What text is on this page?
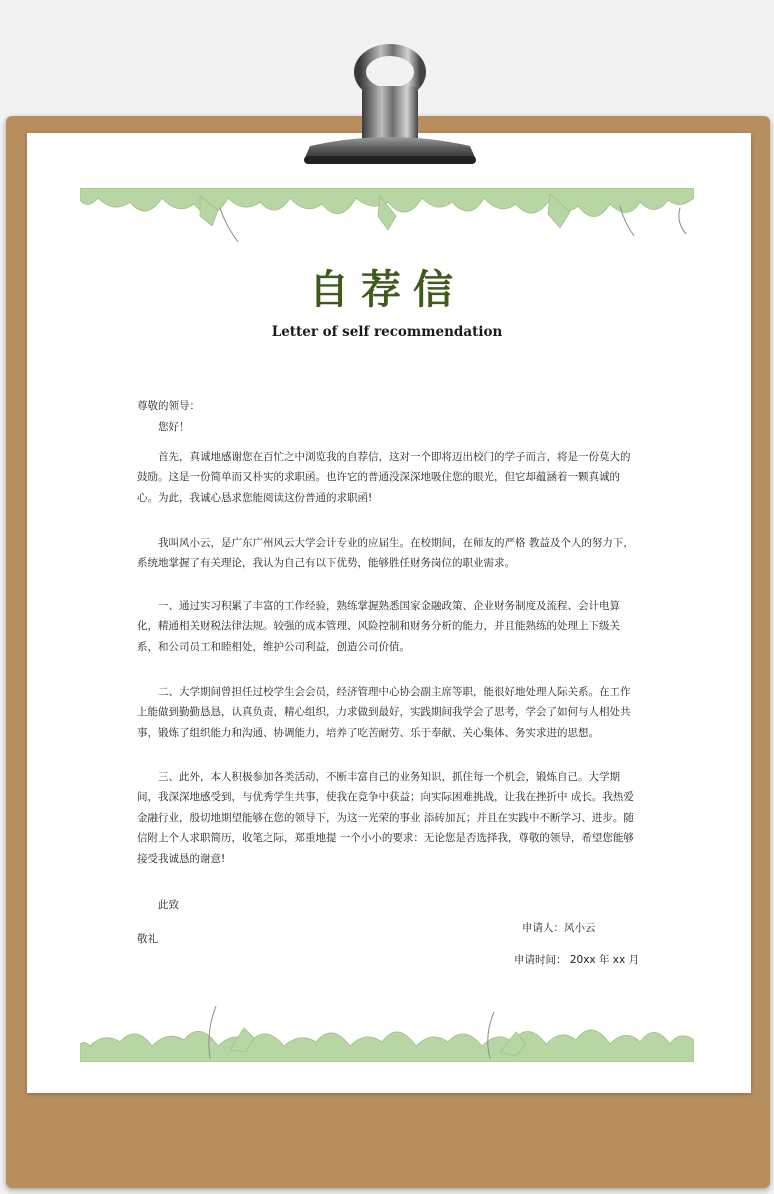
自荐信
Letter of self recommendation

尊敬的领导：

您好！

首先，真诚地感谢您在百忙之中浏览我的自荐信，这对一个即将迈出校门的学子而言，将是一份莫大的鼓励。这是一份简单而又朴实的求职函。也许它的普通没深深地吸住您的眼光，但它却蕴涵着一颗真诚的心。为此，我诚心恳求您能阅读这份普通的求职函!

我叫风小云，是广东广州风云大学会计专业的应届生。在校期间，在师友的严格 教益及个人的努力下，系统地掌握了有关理论，我认为自己有以下优势，能够胜任财务岗位的职业需求。

一、通过实习积累了丰富的工作经验，熟练掌握熟悉国家金融政策、企业财务制度及流程、会计电算化，精通相关财税法律法规。较强的成本管理、风险控制和财务分析的能力，并且能熟练的处理上下级关系，和公司员工和睦相处，维护公司利益，创造公司价值。

二、大学期间曾担任过校学生会会员，经济管理中心协会副主席等职，能很好地处理人际关系。在工作上能做到勤勤恳恳，认真负责，精心组织，力求做到最好，实践期间我学会了思考，学会了如何与人相处共事，锻炼了组织能力和沟通、协调能力，培养了吃苦耐劳、乐于奉献、关心集体、务实求进的思想。

三、此外，本人积极参加各类活动，不断丰富自己的业务知识，抓住每一个机会，锻炼自己。大学期间，我深深地感受到，与优秀学生共事，使我在竞争中获益；向实际困难挑战，让我在挫折中 成长。我热爱金融行业，殷切地期望能够在您的领导下，为这一光荣的事业 添砖加瓦；并且在实践中不断学习、进步。随信附上个人求职简历，收笔之际，郑重地提 一个小小的要求：无论您是否选择我，尊敬的领导，希望您能够接受我诚恳的谢意!

此致

敬礼

申请人：风小云
申请时间： 20xx 年 xx 月
